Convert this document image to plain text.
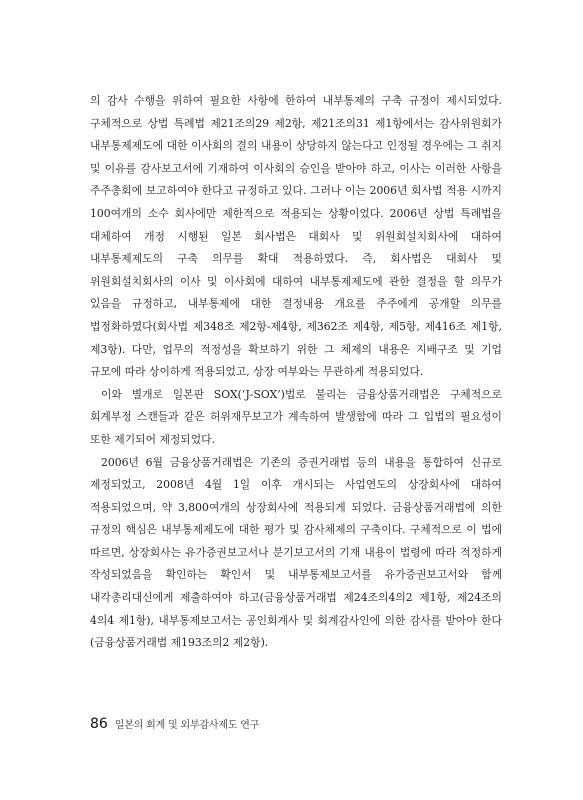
의 감사 수행을 위하여 필요한 사항에 한하여 내부통제의 구축 규정이 제시되었다. 구체적으로 상법 특례법 제21조의29 제2항, 제21조의31 제1항에서는 감사위원회가 내부통제제도에 대한 이사회의 결의 내용이 상당하지 않는다고 인정될 경우에는 그 취지 및 이유를 감사보고서에 기재하여 이사회의 승인을 받아야 하고, 이사는 이러한 사항을 주주총회에 보고하여야 한다고 규정하고 있다. 그러나 이는 2006년 회사법 적용 시까지 100여개의 소수 회사에만 제한적으로 적용되는 상황이었다. 2006년 상법 특례법을 대체하여 개정 시행된 일본 회사법은 대회사 및 위원회설치회사에 대하여 내부통제제도의 구축 의무를 확대 적용하였다. 즉, 회사법은 대회사 및 위원회설치회사의 이사 및 이사회에 대하여 내부통제제도에 관한 결정을 할 의무가 있음을 규정하고, 내부통제에 대한 결정내용 개요를 주주에게 공개할 의무를 법정화하였다(회사법 제348조 제2항-제4항, 제362조 제4항, 제5항, 제416조 제1항, 제3항). 다만, 업무의 적정성을 확보하기 위한 그 체제의 내용은 지배구조 및 기업 규모에 따라 상이하게 적용되었고, 상장 여부와는 무관하게 적용되었다.

이와 별개로 일본판 SOX(‘J-SOX’)법로 불리는 금융상품거래법은 구체적으로 회계부정 스캔들과 같은 허위재무보고가 계속하여 발생함에 따라 그 입법의 필요성이 또한 제기되어 제정되었다.

2006년 6월 금융상품거래법은 기존의 증권거래법 등의 내용을 통합하여 신규로 제정되었고, 2008년 4월 1일 이후 개시되는 사업연도의 상장회사에 대하여 적용되었으며, 약 3,800여개의 상장회사에 적용되게 되었다. 금융상품거래법에 의한 규정의 핵심은 내부통제제도에 대한 평가 및 감사체제의 구축이다. 구체적으로 이 법에 따르면, 상장회사는 유가증권보고서나 분기보고서의 기재 내용이 법령에 따라 적정하게 작성되었음을 확인하는 확인서 및 내부통제보고서를 유가증권보고서와 함께 내각총리대신에게 제출하여야 하고(금융상품거래법 제24조의4의2 제1항, 제24조의 4의4 제1항), 내부통제보고서는 공인회계사 및 회계감사인에 의한 감사를 받아야 한다(금융상품거래법 제193조의2 제2항).

86 일본의 회계 및 외부감사제도 연구
